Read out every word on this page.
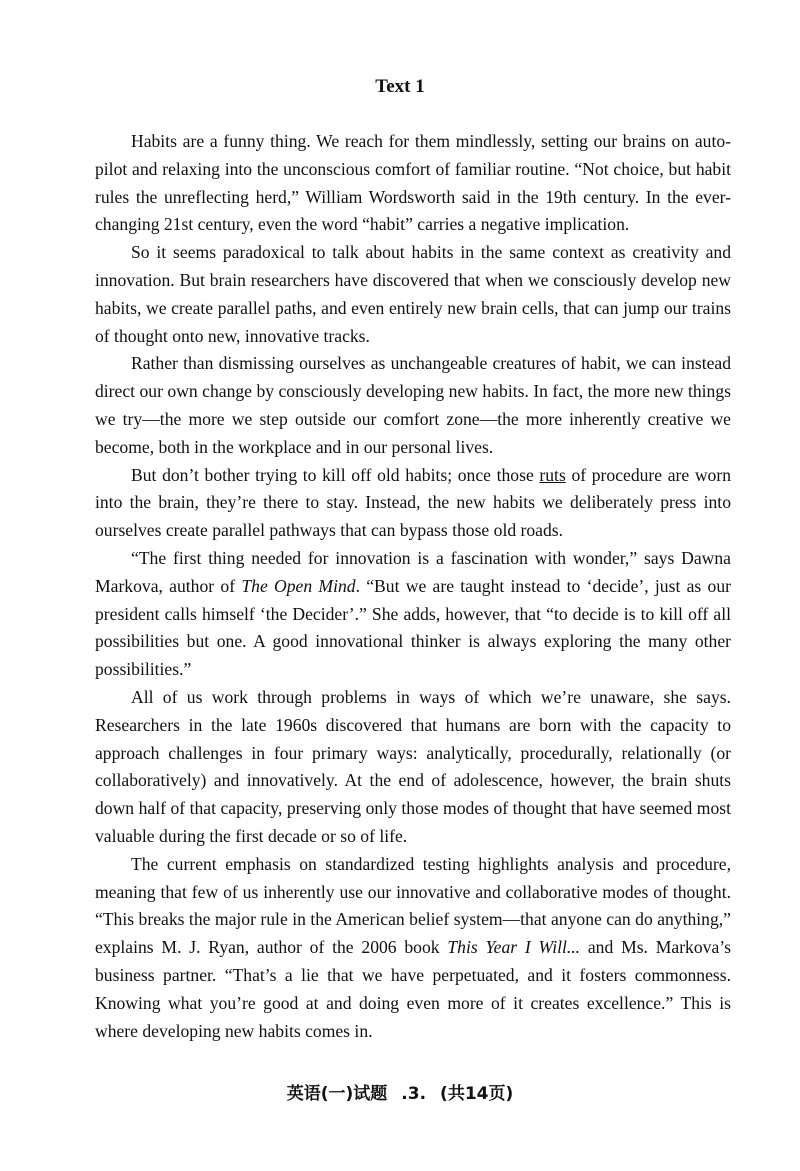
Text 1

Habits are a funny thing. We reach for them mindlessly, setting our brains on auto-pilot and relaxing into the unconscious comfort of familiar routine. “Not choice, but habit rules the unreflecting herd,” William Wordsworth said in the 19th century. In the ever-changing 21st century, even the word “habit” carries a negative implication.

So it seems paradoxical to talk about habits in the same context as creativity and innovation. But brain researchers have discovered that when we consciously develop new habits, we create parallel paths, and even entirely new brain cells, that can jump our trains of thought onto new, innovative tracks.

Rather than dismissing ourselves as unchangeable creatures of habit, we can instead direct our own change by consciously developing new habits. In fact, the more new things we try—the more we step outside our comfort zone—the more inherently creative we become, both in the workplace and in our personal lives.

But don’t bother trying to kill off old habits; once those ruts of procedure are worn into the brain, they’re there to stay. Instead, the new habits we deliberately press into ourselves create parallel pathways that can bypass those old roads.

“The first thing needed for innovation is a fascination with wonder,” says Dawna Markova, author of The Open Mind. “But we are taught instead to ‘decide’, just as our president calls himself ‘the Decider’.” She adds, however, that “to decide is to kill off all possibilities but one. A good innovational thinker is always exploring the many other possibilities.”

All of us work through problems in ways of which we’re unaware, she says. Researchers in the late 1960s discovered that humans are born with the capacity to approach challenges in four primary ways: analytically, procedurally, relationally (or collaboratively) and innovatively. At the end of adolescence, however, the brain shuts down half of that capacity, preserving only those modes of thought that have seemed most valuable during the first decade or so of life.

The current emphasis on standardized testing highlights analysis and procedure, meaning that few of us inherently use our innovative and collaborative modes of thought. “This breaks the major rule in the American belief system—that anyone can do anything,” explains M. J. Ryan, author of the 2006 book This Year I Will... and Ms. Markova’s business partner. “That’s a lie that we have perpetuated, and it fosters commonness. Knowing what you’re good at and doing even more of it creates excellence.” This is where developing new habits comes in.

英语(一)试题 .3. (共14页)
